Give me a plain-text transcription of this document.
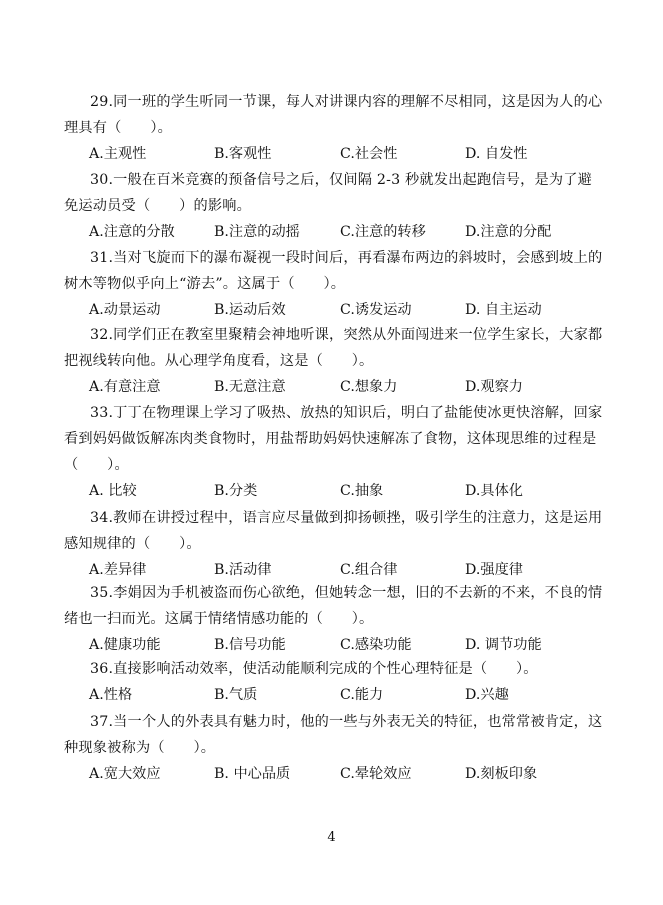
29.同一班的学生听同一节课，每人对讲课内容的理解不尽相同，这是因为人的心理具有（　　）。

A.主观性	B.客观性	C.社会性	D. 自发性

30.一般在百米竞赛的预备信号之后，仅间隔 2-3 秒就发出起跑信号，是为了避免运动员受（　　）的影响。

A.注意的分散	B.注意的动摇	C.注意的转移	D.注意的分配

31.当对飞旋而下的瀑布凝视一段时间后，再看瀑布两边的斜坡时，会感到坡上的树木等物似乎向上“游去”。这属于（　　）。

A.动景运动	B.运动后效	C.诱发运动	D. 自主运动

32.同学们正在教室里聚精会神地听课，突然从外面闯进来一位学生家长，大家都把视线转向他。从心理学角度看，这是（　　）。

A.有意注意	B.无意注意	C.想象力	D.观察力

33.丁丁在物理课上学习了吸热、放热的知识后，明白了盐能使冰更快溶解，回家看到妈妈做饭解冻肉类食物时，用盐帮助妈妈快速解冻了食物，这体现思维的过程是（　　）。

A. 比较	B.分类	C.抽象	D.具体化

34.教师在讲授过程中，语言应尽量做到抑扬顿挫，吸引学生的注意力，这是运用感知规律的（　　）。

A.差异律	B.活动律	C.组合律	D.强度律

35.李娟因为手机被盗而伤心欲绝，但她转念一想，旧的不去新的不来，不良的情绪也一扫而光。这属于情绪情感功能的（　　）。

A.健康功能	B.信号功能	C.感染功能	D. 调节功能

36.直接影响活动效率，使活动能顺利完成的个性心理特征是（　　）。

A.性格	B.气质	C.能力	D.兴趣

37.当一个人的外表具有魅力时，他的一些与外表无关的特征，也常常被肯定，这　种现象被称为（　　）。

A.宽大效应	B. 中心品质	C.晕轮效应	D.刻板印象
4
